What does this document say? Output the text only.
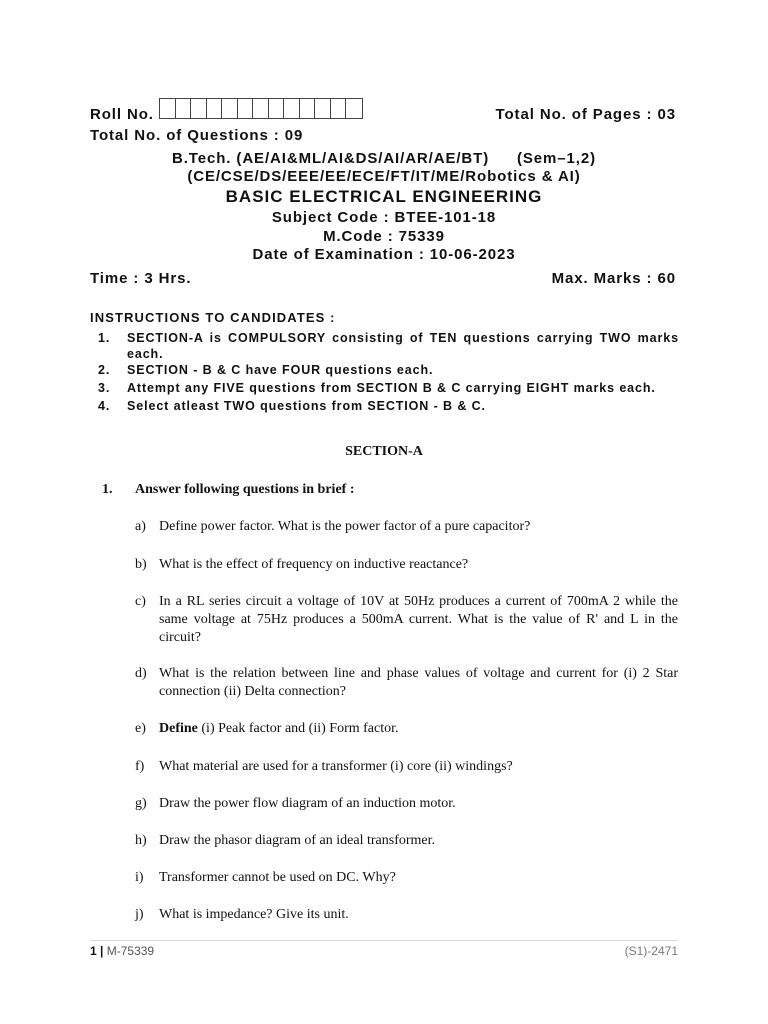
Roll No.	Total No. of Pages : 03
Total No. of Questions : 09
B.Tech. (AE/AI&ML/AI&DS/AI/AR/AE/BT) (Sem–1,2)
(CE/CSE/DS/EEE/EE/ECE/FT/IT/ME/Robotics & AI)
BASIC ELECTRICAL ENGINEERING
Subject Code : BTEE-101-18
M.Code : 75339
Date of Examination : 10-06-2023
Time : 3 Hrs.	Max. Marks : 60
INSTRUCTIONS TO CANDIDATES :
1. SECTION-A is COMPULSORY consisting of TEN questions carrying TWO marks each.
2. SECTION - B & C have FOUR questions each.
3. Attempt any FIVE questions from SECTION B & C carrying EIGHT marks each.
4. Select atleast TWO questions from SECTION - B & C.
SECTION-A
1. Answer following questions in brief :
a) Define power factor. What is the power factor of a pure capacitor?
b) What is the effect of frequency on inductive reactance?
c) In a RL series circuit a voltage of 10V at 50Hz produces a current of 700mA 2 while the same voltage at 75Hz produces a 500mA current. What is the value of R' and L in the circuit?
d) What is the relation between line and phase values of voltage and current for (i) 2 Star connection (ii) Delta connection?
e) Define (i) Peak factor and (ii) Form factor.
f) What material are used for a transformer (i) core (ii) windings?
g) Draw the power flow diagram of an induction motor.
h) Draw the phasor diagram of an ideal transformer.
i) Transformer cannot be used on DC. Why?
j) What is impedance? Give its unit.
1 | M-75339	(S1)-2471
